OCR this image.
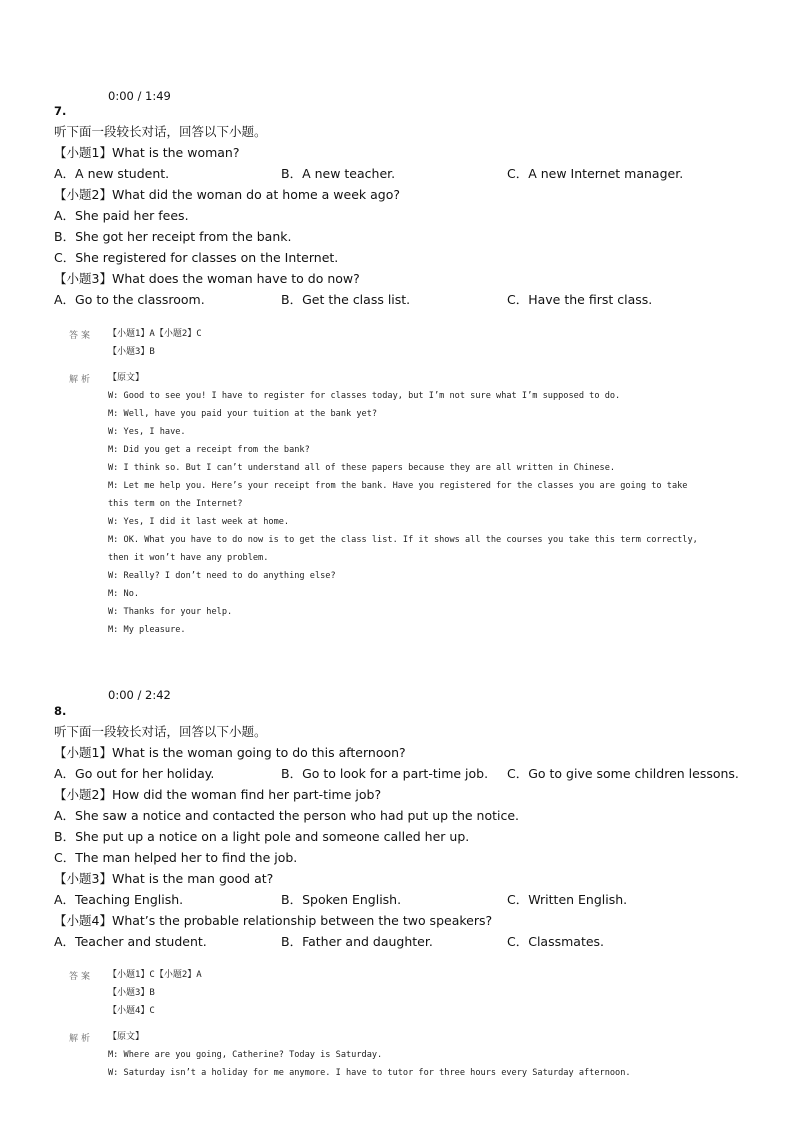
0:00 / 1:49
7.
听下面一段较长对话，回答以下小题。
【小题1】What is the woman?
A．A new student.	B．A new teacher.	C．A new Internet manager.
【小题2】What did the woman do at home a week ago?
A．She paid her fees.
B．She got her receipt from the bank.
C．She registered for classes on the Internet.
【小题3】What does the woman have to do now?
A．Go to the classroom.	B．Get the class list.	C．Have the first class.
答案 【小题1】A【小题2】C
【小题3】B
解析 【原文】
W: Good to see you! I have to register for classes today, but I’m not sure what I’m supposed to do.
M: Well, have you paid your tuition at the bank yet?
W: Yes, I have.
M: Did you get a receipt from the bank?
W: I think so. But I can’t understand all of these papers because they are all written in Chinese.
M: Let me help you. Here’s your receipt from the bank. Have you registered for the classes you are going to take
this term on the Internet?
W: Yes, I did it last week at home.
M: OK. What you have to do now is to get the class list. If it shows all the courses you take this term correctly,
then it won’t have any problem.
W: Really? I don’t need to do anything else?
M: No.
W: Thanks for your help.
M: My pleasure.
0:00 / 2:42
8.
听下面一段较长对话，回答以下小题。
【小题1】What is the woman going to do this afternoon?
A．Go out for her holiday.	B．Go to look for a part-time job. C．Go to give some children lessons.
【小题2】How did the woman find her part-time job?
A．She saw a notice and contacted the person who had put up the notice.
B．She put up a notice on a light pole and someone called her up.
C．The man helped her to find the job.
【小题3】What is the man good at?
A．Teaching English.	B．Spoken English.	C．Written English.
【小题4】What’s the probable relationship between the two speakers?
A．Teacher and student.	B．Father and daughter.	C．Classmates.
答案 【小题1】C【小题2】A
【小题3】B
【小题4】C
解析 【原文】
M: Where are you going, Catherine? Today is Saturday.
W: Saturday isn’t a holiday for me anymore. I have to tutor for three hours every Saturday afternoon.
